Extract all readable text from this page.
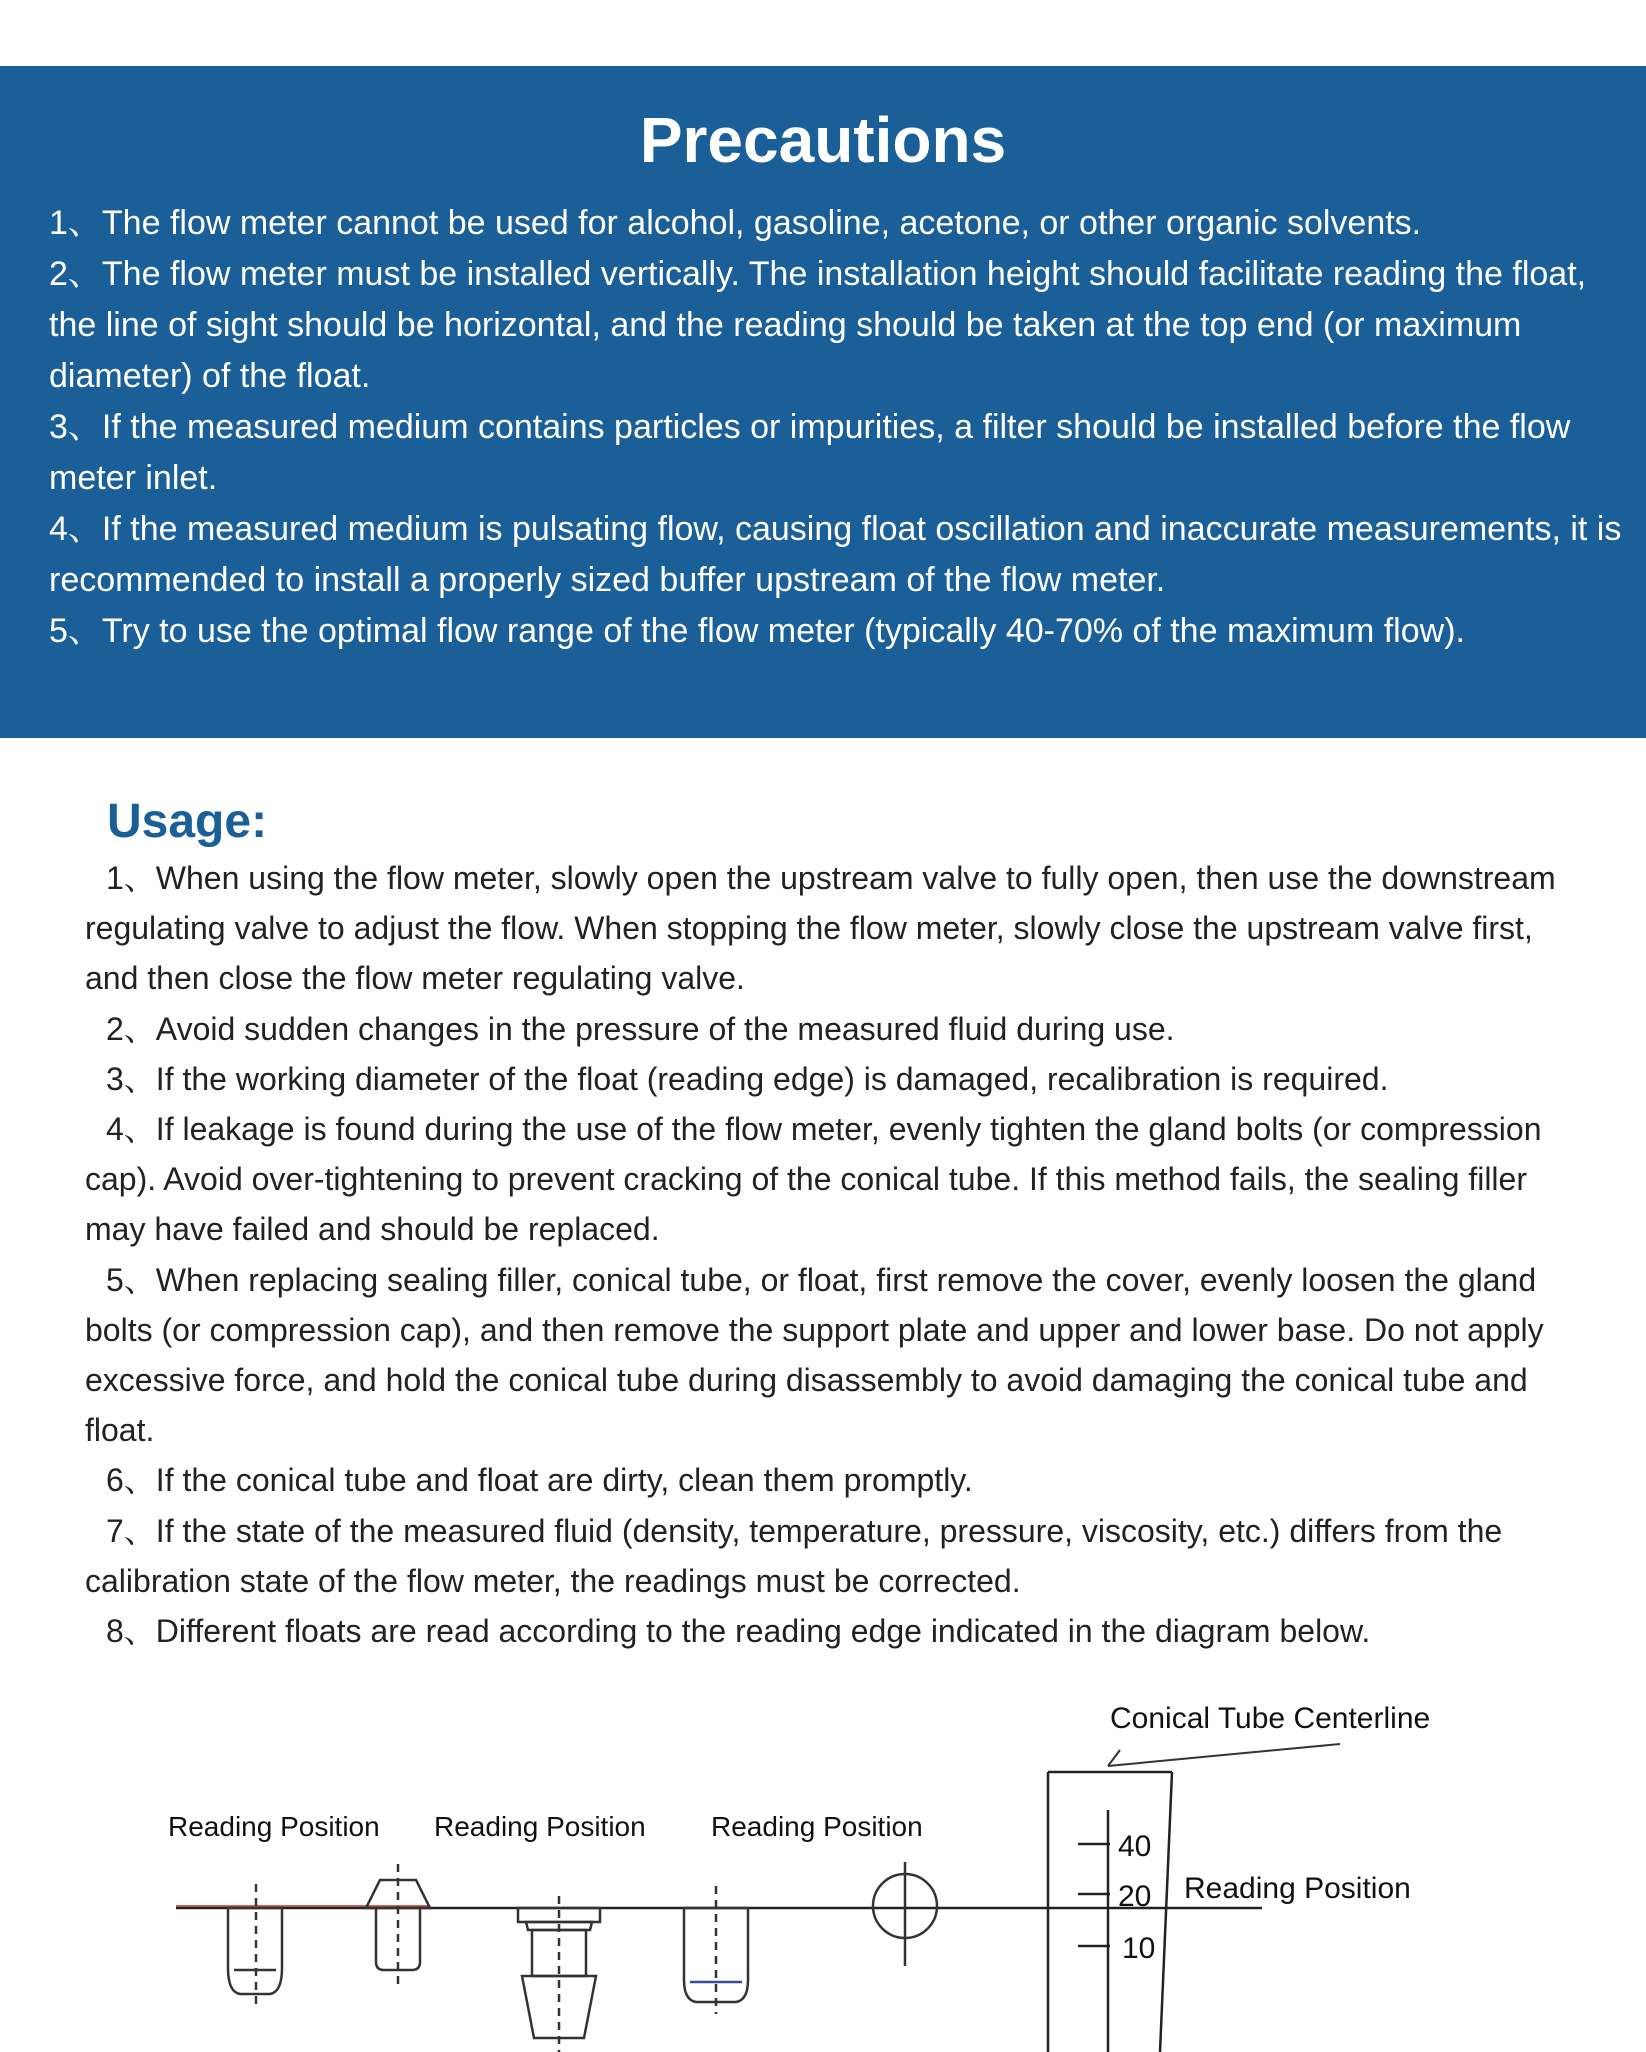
Precautions
1、The flow meter cannot be used for alcohol, gasoline, acetone, or other organic solvents.
2、The flow meter must be installed vertically. The installation height should facilitate reading the float, the line of sight should be horizontal, and the reading should be taken at the top end (or maximum diameter) of the float.
3、If the measured medium contains particles or impurities, a filter should be installed before the flow meter inlet.
4、If the measured medium is pulsating flow, causing float oscillation and inaccurate measurements, it is recommended to install a properly sized buffer upstream of the flow meter.
5、Try to use the optimal flow range of the flow meter (typically 40-70% of the maximum flow).
Usage:
1、When using the flow meter, slowly open the upstream valve to fully open, then use the downstream regulating valve to adjust the flow. When stopping the flow meter, slowly close the upstream valve first, and then close the flow meter regulating valve.
2、Avoid sudden changes in the pressure of the measured fluid during use.
3、If the working diameter of the float (reading edge) is damaged, recalibration is required.
4、If leakage is found during the use of the flow meter, evenly tighten the gland bolts (or compression cap). Avoid over-tightening to prevent cracking of the conical tube. If this method fails, the sealing filler may have failed and should be replaced.
5、When replacing sealing filler, conical tube, or float, first remove the cover, evenly loosen the gland bolts (or compression cap), and then remove the support plate and upper and lower base. Do not apply excessive force, and hold the conical tube during disassembly to avoid damaging the conical tube and float.
6、If the conical tube and float are dirty, clean them promptly.
7、If the state of the measured fluid (density, temperature, pressure, viscosity, etc.) differs from the calibration state of the flow meter, the readings must be corrected.
8、Different floats are read according to the reading edge indicated in the diagram below.
Conical Tube Centerline
Reading Position Reading Position Reading Position
Reading Position
40
20
10
